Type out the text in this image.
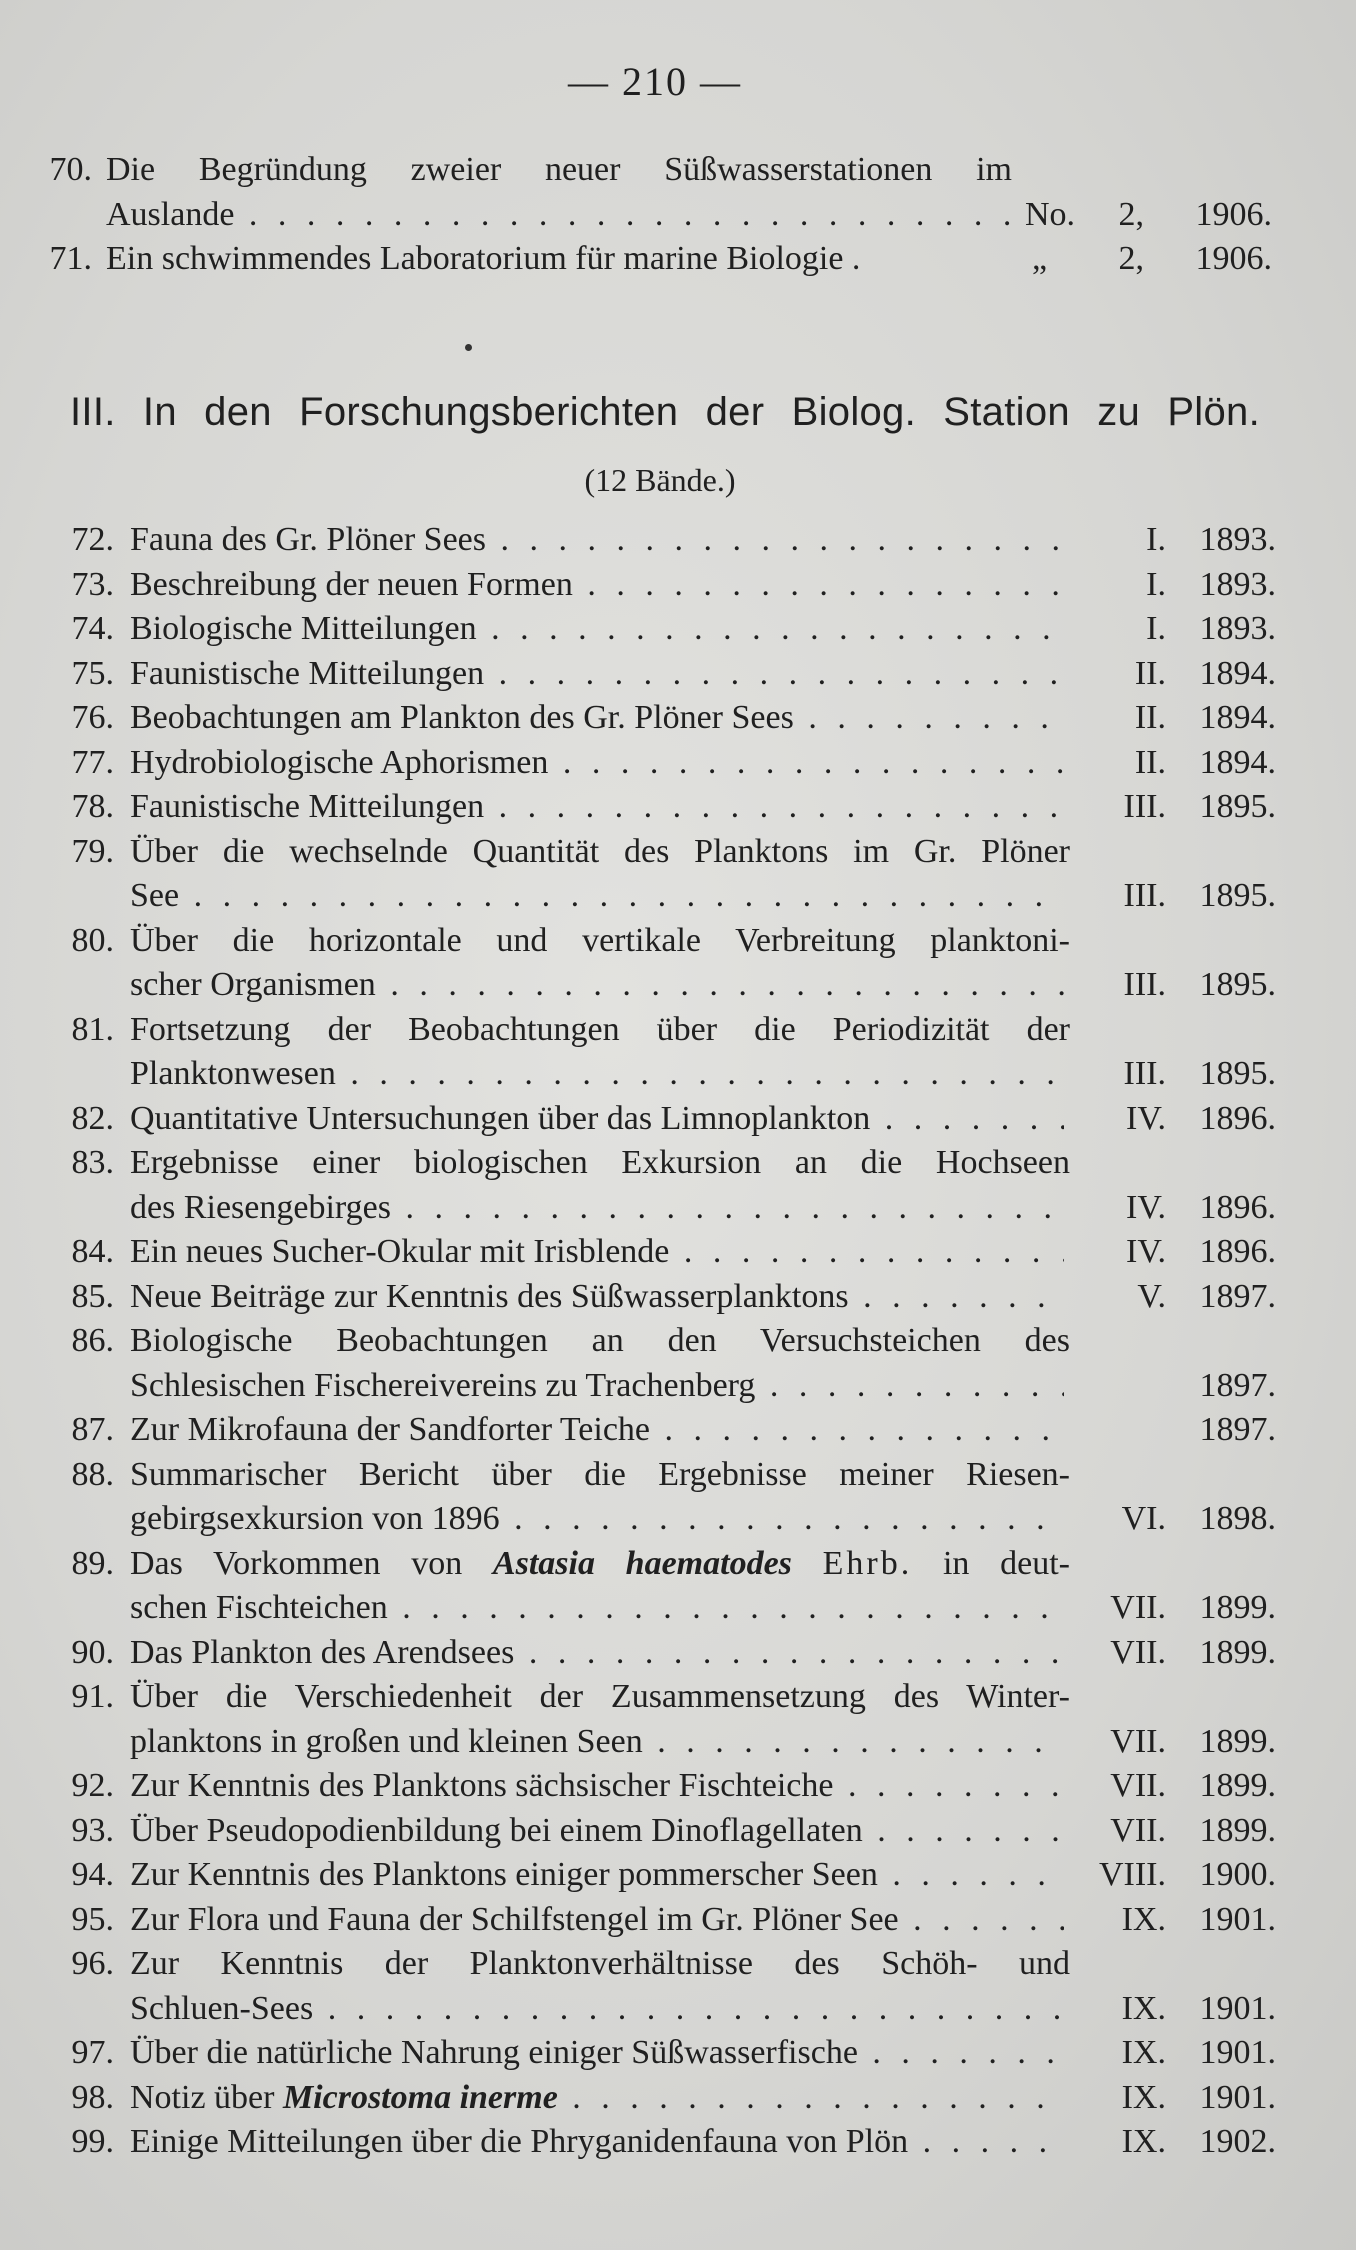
— 210 —
70. Die Begründung zweier neuer Süßwasserstationen im
Auslande . . .	No.	2,	1906.
71. Ein schwimmendes Laboratorium für marine Biologie .	„	2,	1906.
III. In den Forschungsberichten der Biolog. Station zu Plön.
(12 Bände.)
72. Fauna des Gr. Plöner Sees . . .	I. 1893.
73. Beschreibung der neuen Formen . . .	I. 1893.
74. Biologische Mitteilungen . . .	I. 1893.
75. Faunistische Mitteilungen . . .	II. 1894.
76. Beobachtungen am Plankton des Gr. Plöner Sees . . .	II. 1894.
77. Hydrobiologische Aphorismen . . .	II. 1894.
78. Faunistische Mitteilungen . . .	III. 1895.
79. Über die wechselnde Quantität des Planktons im Gr. Plöner
See . . .	III. 1895.
80. Über die horizontale und vertikale Verbreitung planktoni-
scher Organismen . . .	III. 1895.
81. Fortsetzung der Beobachtungen über die Periodizität der
Planktonwesen . . .	III. 1895.
82. Quantitative Untersuchungen über das Limnoplankton . . .	IV. 1896.
83. Ergebnisse einer biologischen Exkursion an die Hochseen
des Riesengebirges . . .	IV. 1896.
84. Ein neues Sucher-Okular mit Irisblende . . .	IV. 1896.
85. Neue Beiträge zur Kenntnis des Süßwasserplanktons . . .	V. 1897.
86. Biologische Beobachtungen an den Versuchsteichen des
Schlesischen Fischereivereins zu Trachenberg . . .	1897.
87. Zur Mikrofauna der Sandforter Teiche . . .	1897.
88. Summarischer Bericht über die Ergebnisse meiner Riesen-
gebirgsexkursion von 1896 . . .	VI. 1898.
89. Das Vorkommen von Astasia haematodes Ehrb. in deut-
schen Fischteichen . . .	VII. 1899.
90. Das Plankton des Arendsees . . .	VII. 1899.
91. Über die Verschiedenheit der Zusammensetzung des Winter-
planktons in großen und kleinen Seen . . .	VII. 1899.
92. Zur Kenntnis des Planktons sächsischer Fischteiche . . .	VII. 1899.
93. Über Pseudopodienbildung bei einem Dinoflagellaten . . .	VII. 1899.
94. Zur Kenntnis des Planktons einiger pommerscher Seen . . .	VIII. 1900.
95. Zur Flora und Fauna der Schilfstengel im Gr. Plöner See . . .	IX. 1901.
96. Zur Kenntnis der Planktonverhältnisse des Schöh- und
Schluen-Sees . . .	IX. 1901.
97. Über die natürliche Nahrung einiger Süßwasserfische . . .	IX. 1901.
98. Notiz über Microstoma inerme . . .	IX. 1901.
99. Einige Mitteilungen über die Phryganidenfauna von Plön . . .	IX. 1902.
